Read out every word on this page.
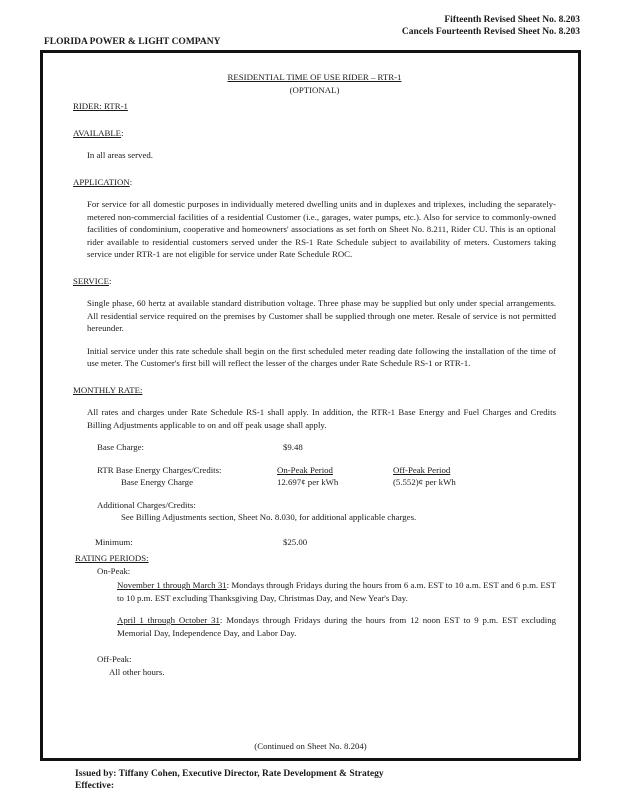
Fifteenth Revised Sheet No. 8.203
Cancels Fourteenth Revised Sheet No. 8.203
FLORIDA POWER & LIGHT COMPANY
RESIDENTIAL TIME OF USE RIDER – RTR-1
(OPTIONAL)
RIDER: RTR-1
AVAILABLE:
In all areas served.
APPLICATION:
For service for all domestic purposes in individually metered dwelling units and in duplexes and triplexes, including the separately-metered non-commercial facilities of a residential Customer (i.e., garages, water pumps, etc.). Also for service to commonly-owned facilities of condominium, cooperative and homeowners' associations as set forth on Sheet No. 8.211, Rider CU. This is an optional rider available to residential customers served under the RS-1 Rate Schedule subject to availability of meters. Customers taking service under RTR-1 are not eligible for service under Rate Schedule ROC.
SERVICE:
Single phase, 60 hertz at available standard distribution voltage. Three phase may be supplied but only under special arrangements. All residential service required on the premises by Customer shall be supplied through one meter. Resale of service is not permitted hereunder.
Initial service under this rate schedule shall begin on the first scheduled meter reading date following the installation of the time of use meter. The Customer's first bill will reflect the lesser of the charges under Rate Schedule RS-1 or RTR-1.
MONTHLY RATE:
All rates and charges under Rate Schedule RS-1 shall apply. In addition, the RTR-1 Base Energy and Fuel Charges and Credits Billing Adjustments applicable to on and off peak usage shall apply.
Base Charge:	$9.48
RTR Base Energy Charges/Credits:	On-Peak Period	Off-Peak Period
Base Energy Charge	12.697¢ per kWh	(5.552)¢ per kWh
Additional Charges/Credits:
See Billing Adjustments section, Sheet No. 8.030, for additional applicable charges.
Minimum:	$25.00
RATING PERIODS:
On-Peak:
November 1 through March 31: Mondays through Fridays during the hours from 6 a.m. EST to 10 a.m. EST and 6 p.m. EST to 10 p.m. EST excluding Thanksgiving Day, Christmas Day, and New Year's Day.
April 1 through October 31: Mondays through Fridays during the hours from 12 noon EST to 9 p.m. EST excluding Memorial Day, Independence Day, and Labor Day.
Off-Peak:
All other hours.
(Continued on Sheet No. 8.204)
Issued by: Tiffany Cohen, Executive Director, Rate Development & Strategy
Effective:
